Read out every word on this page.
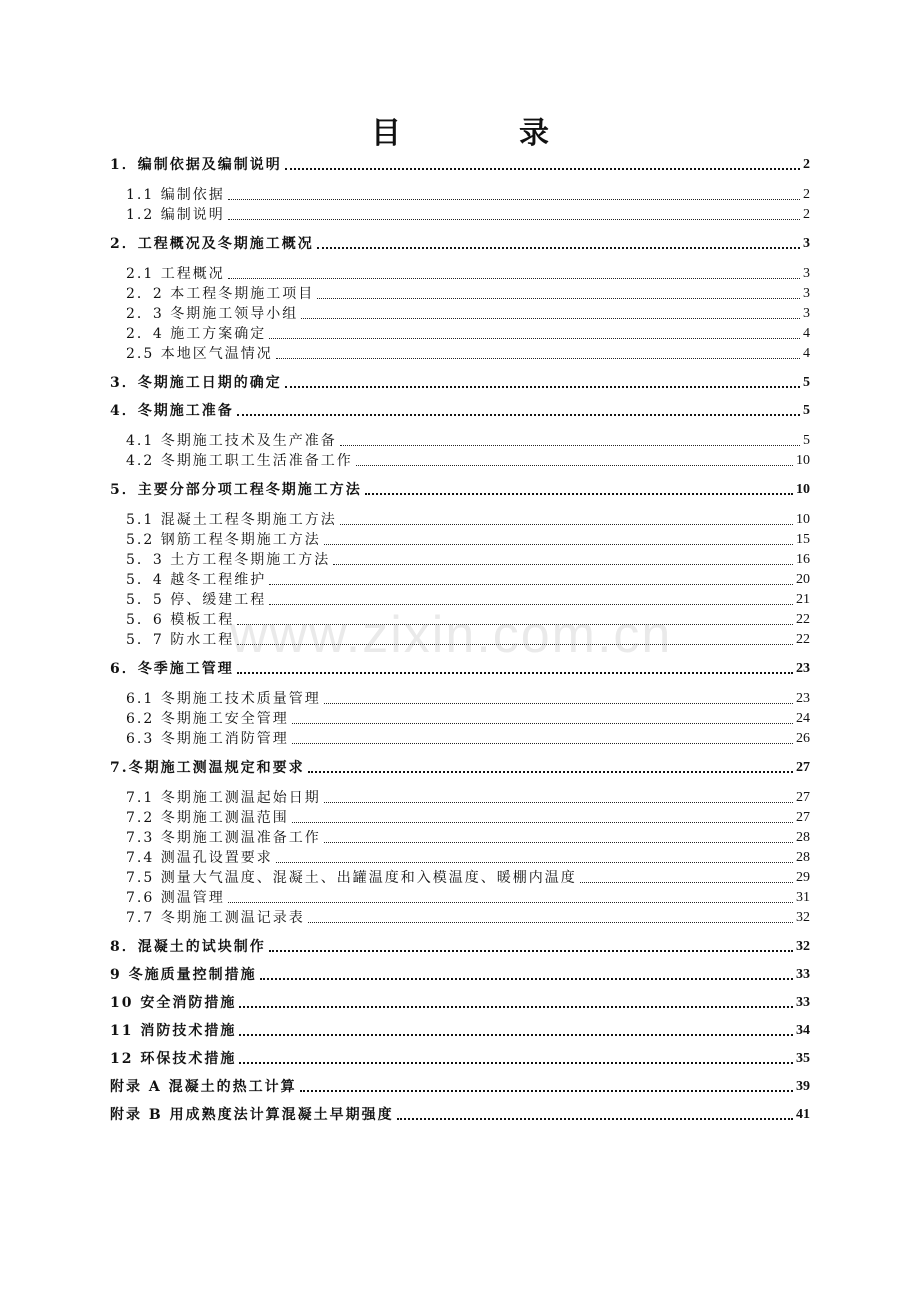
目　录
1．编制依据及编制说明	2
1.1 编制依据	2
1.2 编制说明	2
2．工程概况及冬期施工概况	3
2.1 工程概况	3
2．2 本工程冬期施工项目	3
2．3 冬期施工领导小组	3
2．4 施工方案确定	4
2.5 本地区气温情况	4
3．冬期施工日期的确定	5
4．冬期施工准备	5
4.1 冬期施工技术及生产准备	5
4.2 冬期施工职工生活准备工作	10
5．主要分部分项工程冬期施工方法	10
5.1 混凝土工程冬期施工方法	10
5.2 钢筋工程冬期施工方法	15
5．3 土方工程冬期施工方法	16
5．4 越冬工程维护	20
5．5 停、缓建工程	21
5．6 模板工程	22
5．7 防水工程	22
6．冬季施工管理	23
6.1 冬期施工技术质量管理	23
6.2 冬期施工安全管理	24
6.3 冬期施工消防管理	26
7.冬期施工测温规定和要求	27
7.1 冬期施工测温起始日期	27
7.2 冬期施工测温范围	27
7.3 冬期施工测温准备工作	28
7.4 测温孔设置要求	28
7.5 测量大气温度、混凝土、出罐温度和入模温度、暖棚内温度	29
7.6 测温管理	31
7.7 冬期施工测温记录表	32
8．混凝土的试块制作	32
9 冬施质量控制措施	33
10 安全消防措施	33
11 消防技术措施	34
12 环保技术措施	35
附录 A 混凝土的热工计算	39
附录 B 用成熟度法计算混凝土早期强度	41
www.zixin.com.cn
